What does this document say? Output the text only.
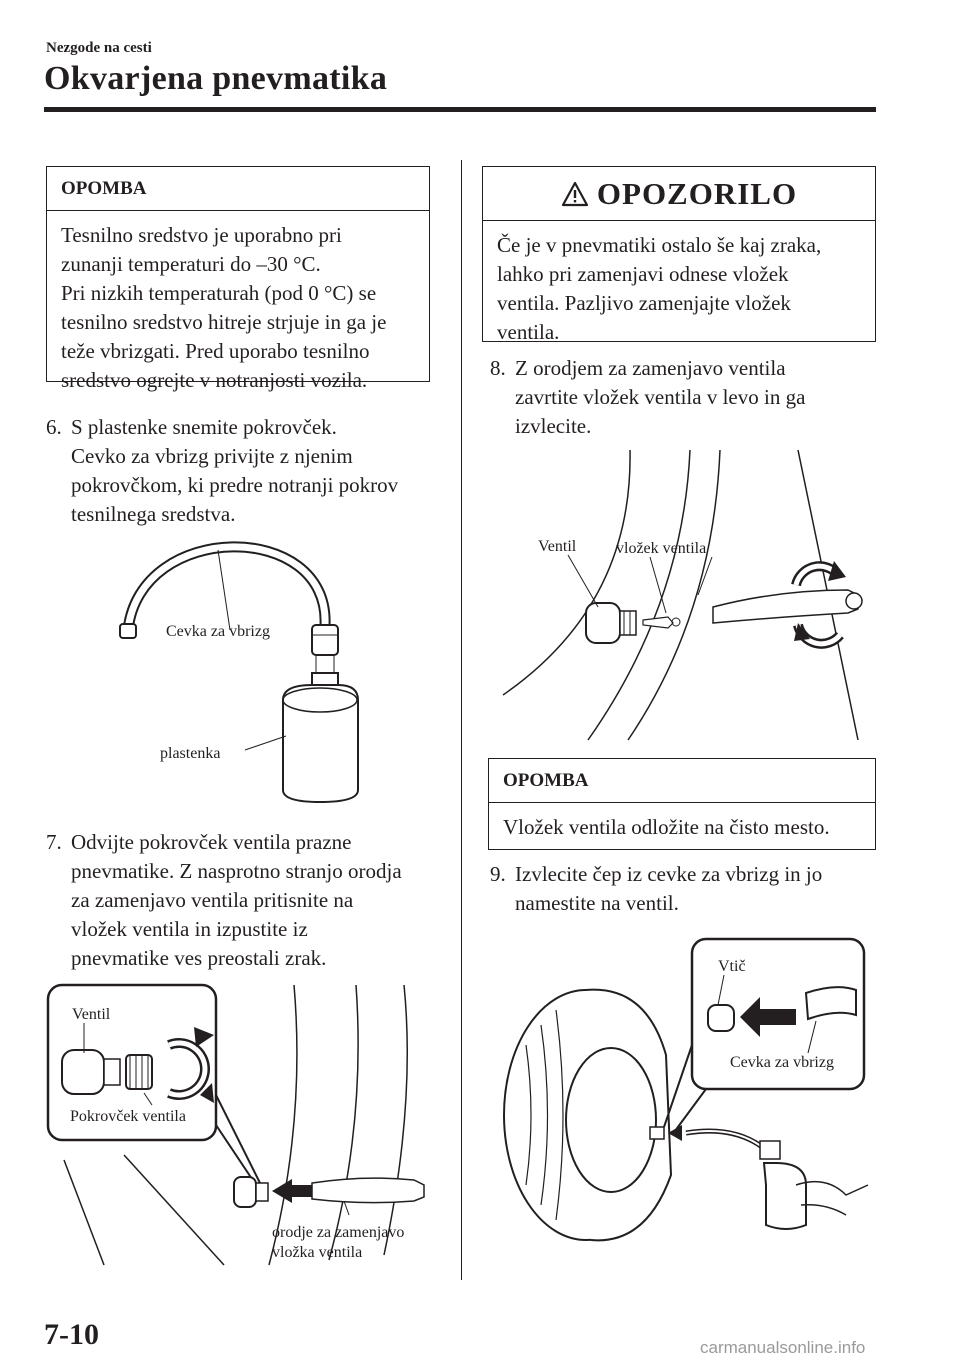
Nezgode na cesti
Okvarjena pnevmatika
OPOMBA
Tesnilno sredstvo je uporabno pri
zunanji temperaturi do –30 °C.
Pri nizkih temperaturah (pod 0 °C) se
tesnilno sredstvo hitreje strjuje in ga je
teže vbrizgati. Pred uporabo tesnilno
sredstvo ogrejte v notranjosti vozila.
6. S plastenke snemite pokrovček.
Cevko za vbrizg privijte z njenim
pokrovčkom, ki predre notranji pokrov
tesnilnega sredstva.
Cevka za vbrizg
plastenka
7. Odvijte pokrovček ventila prazne
pnevmatike. Z nasprotno stranjo orodja
za zamenjavo ventila pritisnite na
vložek ventila in izpustite iz
pnevmatike ves preostali zrak.
Ventil
Pokrovček ventila
orodje za zamenjavo
vložka ventila
OPOZORILO
Če je v pnevmatiki ostalo še kaj zraka,
lahko pri zamenjavi odnese vložek
ventila. Pazljivo zamenjajte vložek
ventila.
8. Z orodjem za zamenjavo ventila
zavrtite vložek ventila v levo in ga
izvlecite.
Ventil vložek ventila
OPOMBA
Vložek ventila odložite na čisto mesto.
9. Izvlecite čep iz cevke za vbrizg in jo
namestite na ventil.
Vtič
Cevka za vbrizg
7-10	carmanualsonline.info
